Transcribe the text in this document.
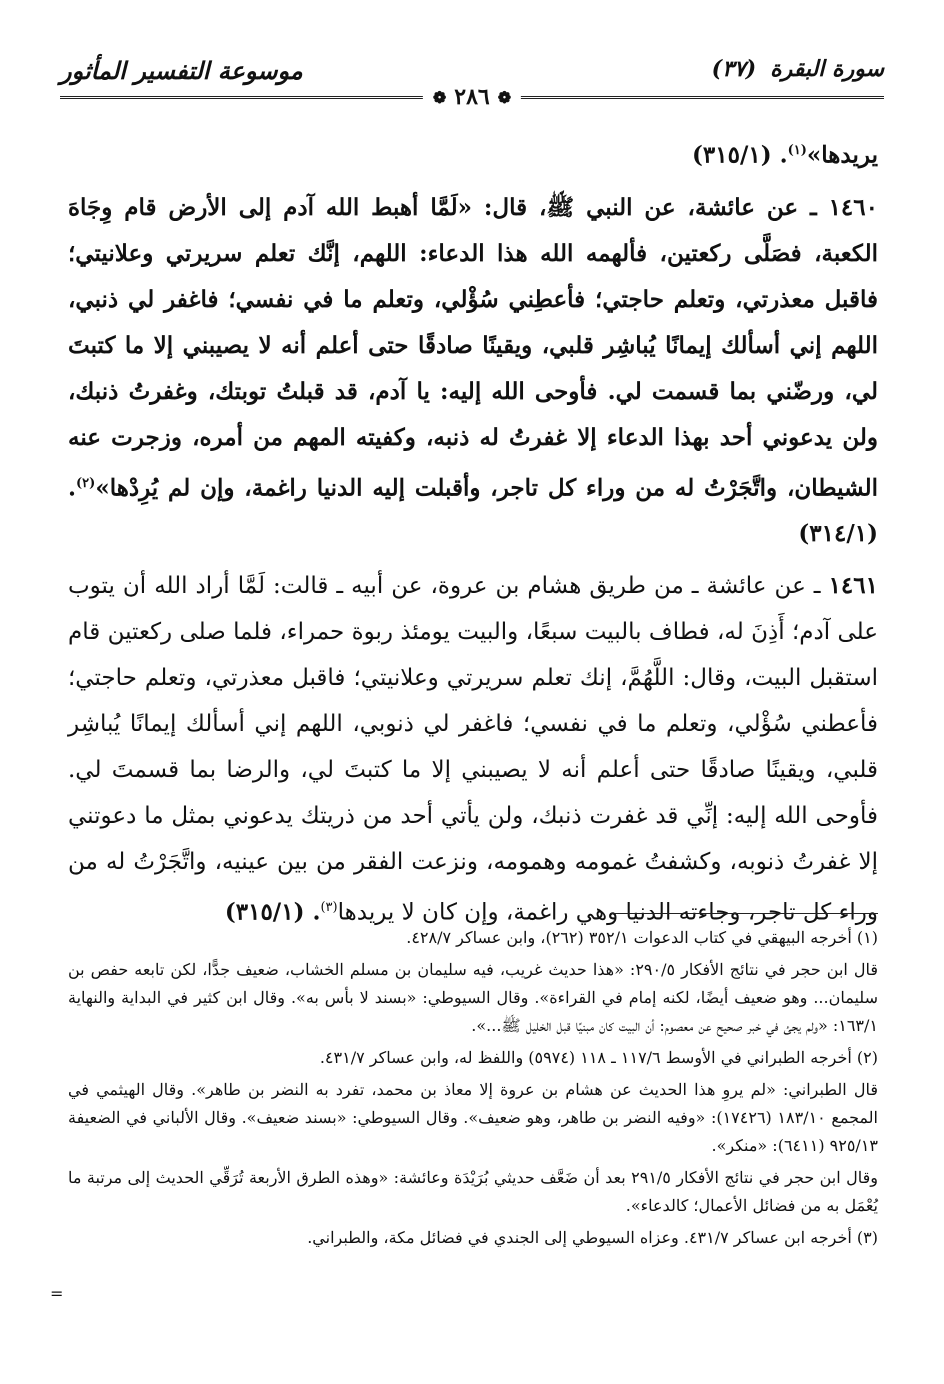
سورة البقرة
(٣٧)
موسوعة التفسير المأثور
❁
٢٨٦
❁

يريدها»$^{(١)}$. (٣١٥/١)

١٤٦٠ ـ عن عائشة، عن النبي ﷺ، قال: «لَمَّا أهبط الله آدم إلى الأرض قام وِجَاهَ الكعبة، فصَلَّى ركعتين، فألهمه الله هذا الدعاء: اللهم، إنَّك تعلم سريرتي وعلانيتي؛ فاقبل معذرتي، وتعلم حاجتي؛ فأعطِني سُؤْلي، وتعلم ما في نفسي؛ فاغفر لي ذنبي، اللهم إني أسألك إيمانًا يُباشِر قلبي، ويقينًا صادقًا حتى أعلم أنه لا يصيبني إلا ما كتبتَ لي، ورضّني بما قسمت لي. فأوحى الله إليه: يا آدم، قد قبلتُ توبتك، وغفرتُ ذنبك، ولن يدعوني أحد بهذا الدعاء إلا غفرتُ له ذنبه، وكفيته المهم من أمره، وزجرت عنه الشيطان، واتَّجَرْتُ له من وراء كل تاجر، وأقبلت إليه الدنيا راغمة، وإن لم يُرِدْها»$^{(٢)}$. (٣١٤/١)

١٤٦١ ـ عن عائشة ـ من طريق هشام بن عروة، عن أبيه ـ قالت: لَمَّا أراد الله أن يتوب على آدم؛ أَذِنَ له، فطاف بالبيت سبعًا، والبيت يومئذ ربوة حمراء، فلما صلى ركعتين قام استقبل البيت، وقال: اللَّهُمَّ، إنك تعلم سريرتي وعلانيتي؛ فاقبل معذرتي، وتعلم حاجتي؛ فأعطني سُؤْلي، وتعلم ما في نفسي؛ فاغفر لي ذنوبي، اللهم إني أسألك إيمانًا يُباشِر قلبي، ويقينًا صادقًا حتى أعلم أنه لا يصيبني إلا ما كتبتَ لي، والرضا بما قسمتَ لي. فأوحى الله إليه: إنِّي قد غفرت ذنبك، ولن يأتي أحد من ذريتك يدعوني بمثل ما دعوتني إلا غفرتُ ذنوبه، وكشفتُ غمومه وهمومه، ونزعت الفقر من بين عينيه، واتَّجَرْتُ له من وراء كل تاجر، وجاءته الدنيا وهي راغمة، وإن كان لا يريدها$^{(٣)}$. (٣١٥/١)

(١) أخرجه البيهقي في كتاب الدعوات ٣٥٢/١ (٢٦٢)، وابن عساكر ٤٢٨/٧.

قال ابن حجر في نتائج الأفكار ٢٩٠/٥: «هذا حديث غريب، فيه سليمان بن مسلم الخشاب، ضعيف جدًّا، لكن تابعه حفص بن سليمان... وهو ضعيف أيضًا، لكنه إمام في القراءة». وقال السيوطي: «بسند لا بأس به». وقال ابن كثير في البداية والنهاية ١٦٣/١: «ولم يجئ في خبر صحيح عن معصوم: أن البيت كان مبنيًا قبل الخليل ﷺ...».

(٢) أخرجه الطبراني في الأوسط ١١٧/٦ ـ ١١٨ (٥٩٧٤) واللفظ له، وابن عساكر ٤٣١/٧.

قال الطبراني: «لم يروِ هذا الحديث عن هشام بن عروة إلا معاذ بن محمد، تفرد به النضر بن طاهر». وقال الهيثمي في المجمع ١٨٣/١٠ (١٧٤٢٦): «وفيه النضر بن طاهر، وهو ضعيف». وقال السيوطي: «بسند ضعيف». وقال الألباني في الضعيفة ٩٢٥/١٣ (٦٤١١): «منكر».

وقال ابن حجر في نتائج الأفكار ٢٩١/٥ بعد أن ضَعَّف حديثي بُرَيْدَة وعائشة: «وهذه الطرق الأربعة تُرَقِّي الحديث إلى مرتبة ما يُعْمَل به من فضائل الأعمال؛ كالدعاء».

(٣) أخرجه ابن عساكر ٤٣١/٧. وعزاه السيوطي إلى الجندي في فضائل مكة، والطبراني.

=
